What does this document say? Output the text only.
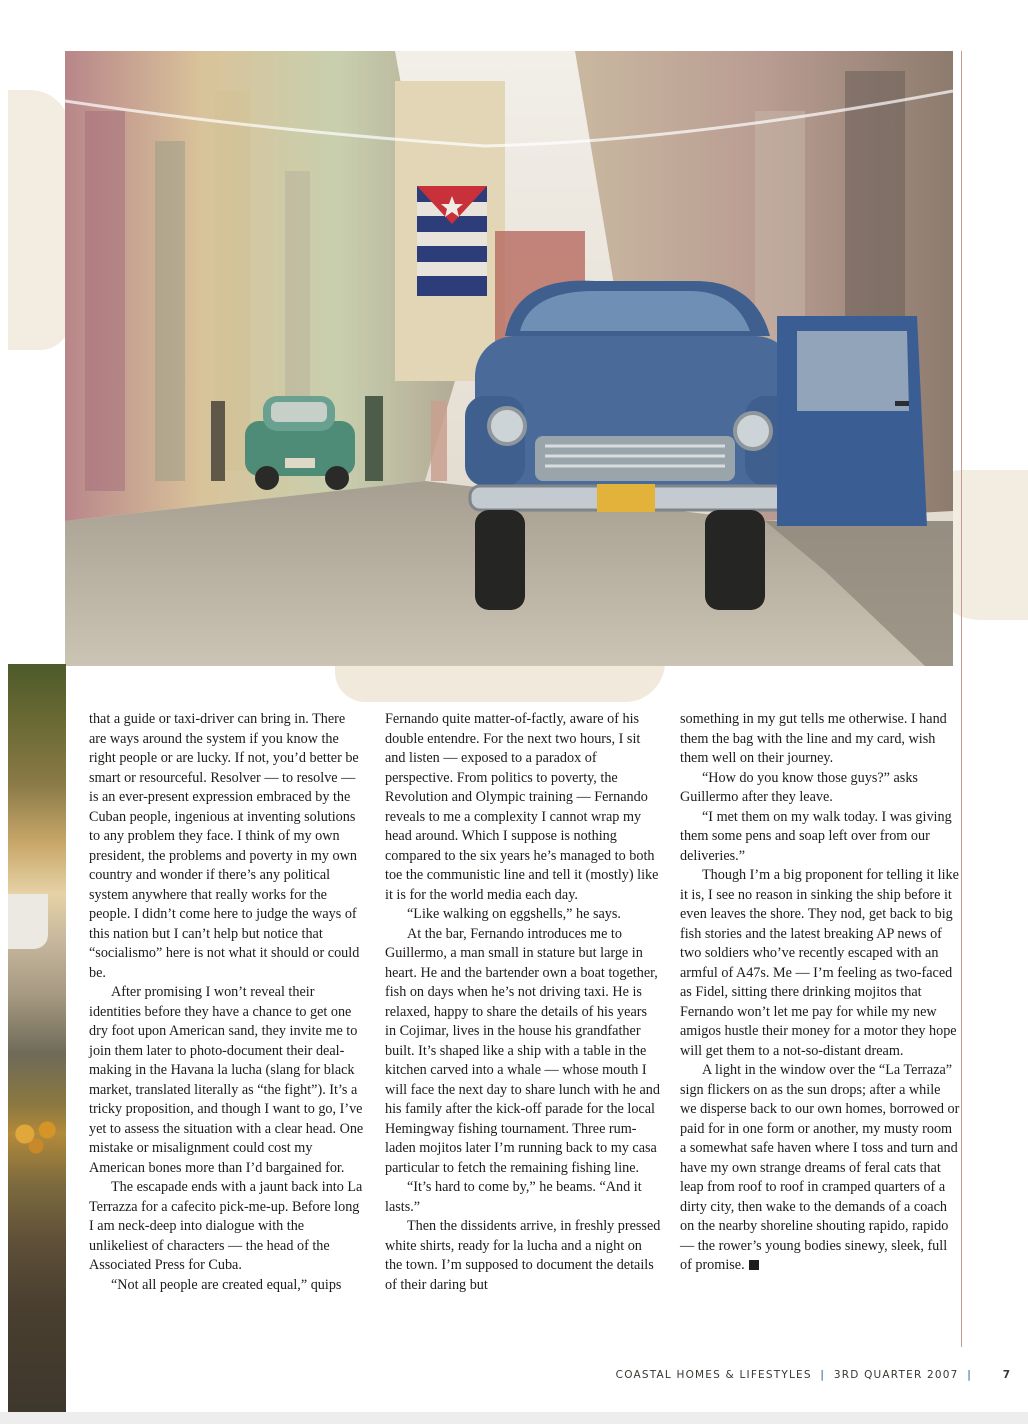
that a guide or taxi-driver can bring in. There are ways around the system if you know the right people or are lucky. If not, you’d better be smart or resourceful. Resolver — to resolve — is an ever-present expression embraced by the Cuban people, ingenious at inventing solutions to any problem they face. I think of my own president, the problems and poverty in my own country and wonder if there’s any political system anywhere that really works for the people. I didn’t come here to judge the ways of this nation but I can’t help but notice that “socialismo” here is not what it should or could be.

After promising I won’t reveal their identities before they have a chance to get one dry foot upon American sand, they invite me to join them later to photo-document their deal-making in the Havana la lucha (slang for black market, translated literally as “the fight”). It’s a tricky proposition, and though I want to go, I’ve yet to assess the situation with a clear head. One mistake or misalignment could cost my American bones more than I’d bargained for.

The escapade ends with a jaunt back into La Terrazza for a cafecito pick-me-up. Before long I am neck-deep into dialogue with the unlikeliest of characters — the head of the Associated Press for Cuba.

“Not all people are created equal,” quips

Fernando quite matter-of-factly, aware of his double entendre. For the next two hours, I sit and listen — exposed to a paradox of perspective. From politics to poverty, the Revolution and Olympic training — Fernando reveals to me a complexity I cannot wrap my head around. Which I suppose is nothing compared to the six years he’s managed to both toe the communistic line and tell it (mostly) like it is for the world media each day.

“Like walking on eggshells,” he says.

At the bar, Fernando introduces me to Guillermo, a man small in stature but large in heart. He and the bartender own a boat together, fish on days when he’s not driving taxi. He is relaxed, happy to share the details of his years in Cojimar, lives in the house his grandfather built. It’s shaped like a ship with a table in the kitchen carved into a whale — whose mouth I will face the next day to share lunch with he and his family after the kick-off parade for the local Hemingway fishing tournament. Three rum-laden mojitos later I’m running back to my casa particular to fetch the remaining fishing line.

“It’s hard to come by,” he beams. “And it lasts.”

Then the dissidents arrive, in freshly pressed white shirts, ready for la lucha and a night on the town. I’m supposed to document the details of their daring but

something in my gut tells me otherwise. I hand them the bag with the line and my card, wish them well on their journey.

“How do you know those guys?” asks Guillermo after they leave.

“I met them on my walk today. I was giving them some pens and soap left over from our deliveries.”

Though I’m a big proponent for telling it like it is, I see no reason in sinking the ship before it even leaves the shore. They nod, get back to big fish stories and the latest breaking AP news of two soldiers who’ve recently escaped with an armful of A47s. Me — I’m feeling as two-faced as Fidel, sitting there drinking mojitos that Fernando won’t let me pay for while my new amigos hustle their money for a motor they hope will get them to a not-so-distant dream.

A light in the window over the “La Terraza” sign flickers on as the sun drops; after a while we disperse back to our own homes, borrowed or paid for in one form or another, my musty room a somewhat safe haven where I toss and turn and have my own strange dreams of feral cats that leap from roof to roof in cramped quarters of a dirty city, then wake to the demands of a coach on the nearby shoreline shouting rapido, rapido — the rower’s young bodies sinewy, sleek, full of promise.

COASTAL HOMES & LIFESTYLES | 3RD QUARTER 2007 |	7
